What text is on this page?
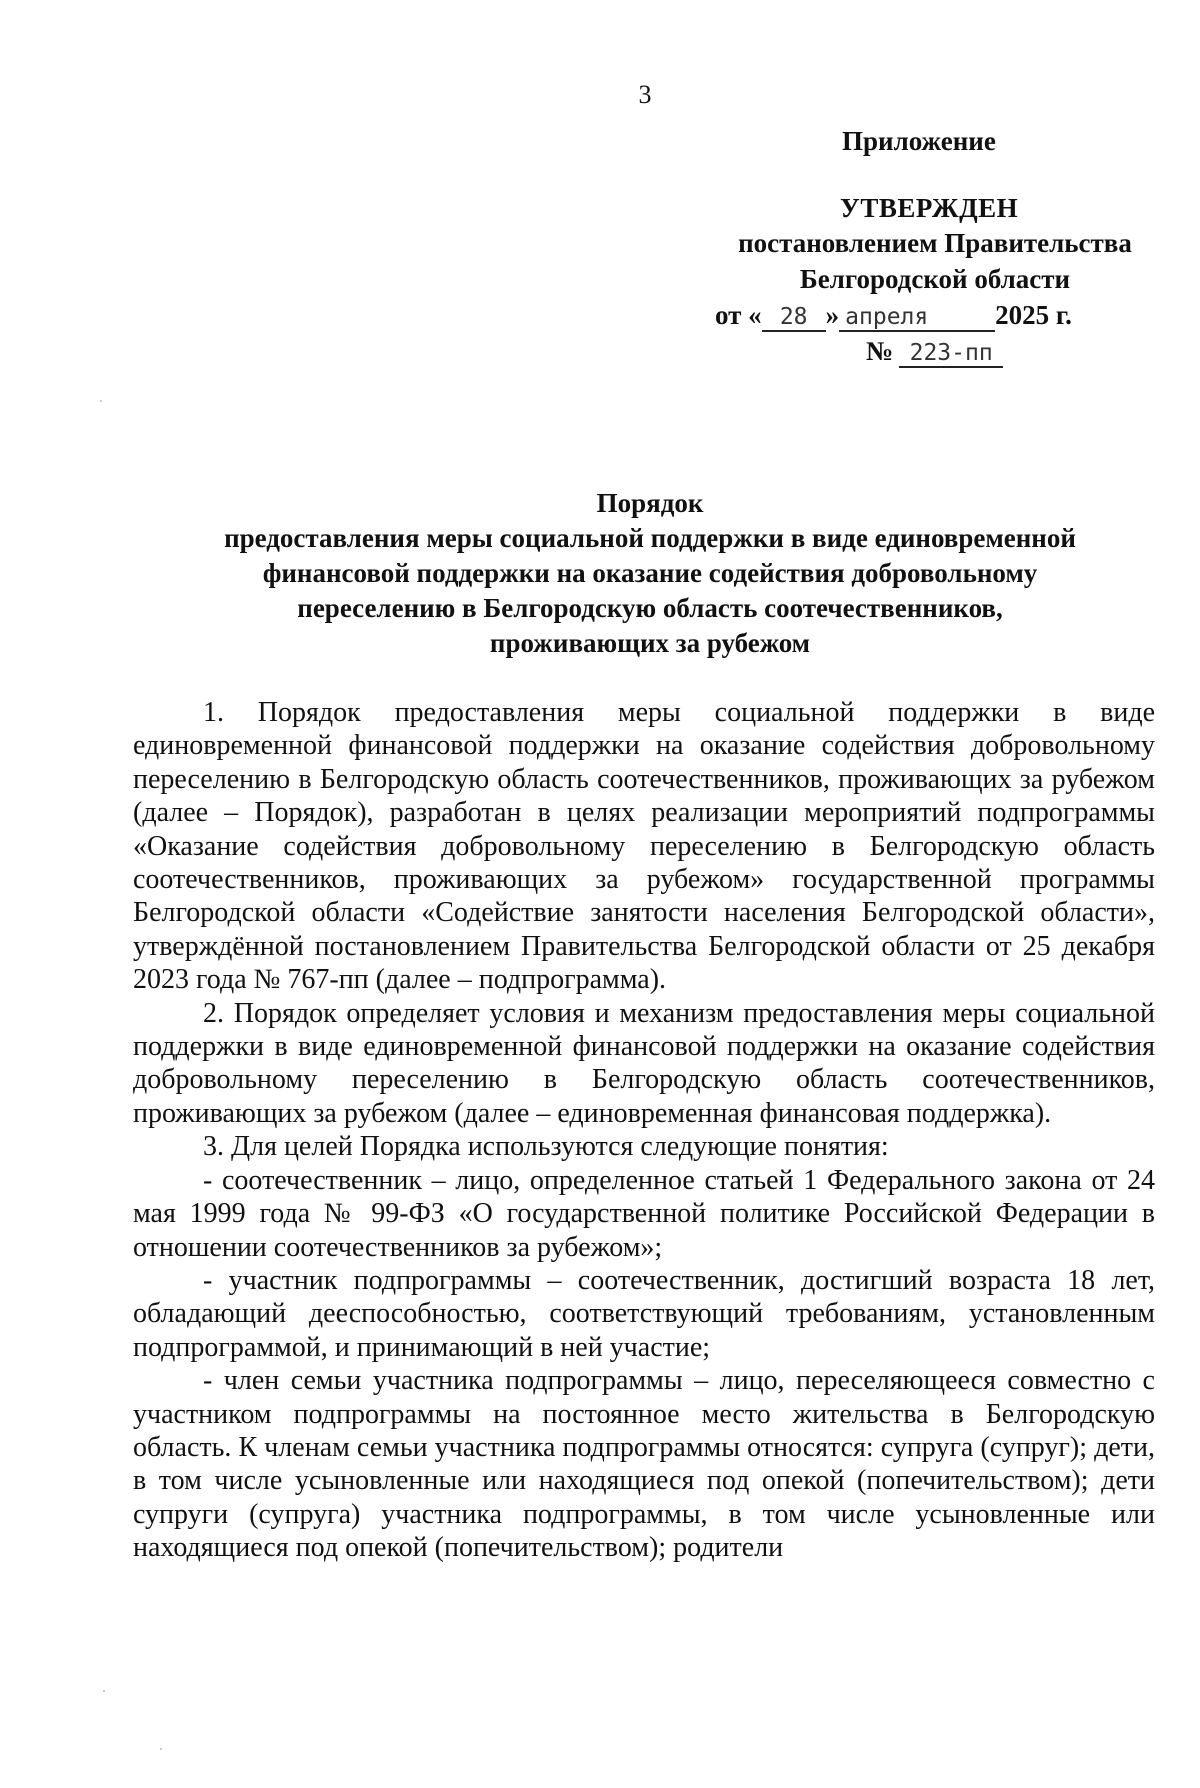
3
Приложение
УТВЕРЖДЕН
постановлением Правительства
Белгородской области
от « 28 » апреля 2025 г.
№ 223-пп
Порядок
предоставления меры социальной поддержки в виде единовременной
финансовой поддержки на оказание содействия добровольному
переселению в Белгородскую область соотечественников,
проживающих за рубежом

1. Порядок предоставления меры социальной поддержки в виде единовременной финансовой поддержки на оказание содействия добровольному переселению в Белгородскую область соотечественников, проживающих за рубежом (далее – Порядок), разработан в целях реализации мероприятий подпрограммы «Оказание содействия добровольному переселению в Белгородскую область соотечественников, проживающих за рубежом» государственной программы Белгородской области «Содействие занятости населения Белгородской области», утверждённой постановлением Правительства Белгородской области от 25 декабря 2023 года № 767-пп (далее – подпрограмма).

2. Порядок определяет условия и механизм предоставления меры социальной поддержки в виде единовременной финансовой поддержки на оказание содействия добровольному переселению в Белгородскую область соотечественников, проживающих за рубежом (далее – единовременная финансовая поддержка).

3. Для целей Порядка используются следующие понятия:

- соотечественник – лицо, определенное статьей 1 Федерального закона от 24 мая 1999 года № 99-ФЗ «О государственной политике Российской Федерации в отношении соотечественников за рубежом»;

- участник подпрограммы – соотечественник, достигший возраста 18 лет, обладающий дееспособностью, соответствующий требованиям, установленным подпрограммой, и принимающий в ней участие;

- член семьи участника подпрограммы – лицо, переселяющееся совместно с участником подпрограммы на постоянное место жительства в Белгородскую область. К членам семьи участника подпрограммы относятся: супруга (супруг); дети, в том числе усыновленные или находящиеся под опекой (попечительством); дети супруги (супруга) участника подпрограммы, в том числе усыновленные или находящиеся под опекой (попечительством); родители
